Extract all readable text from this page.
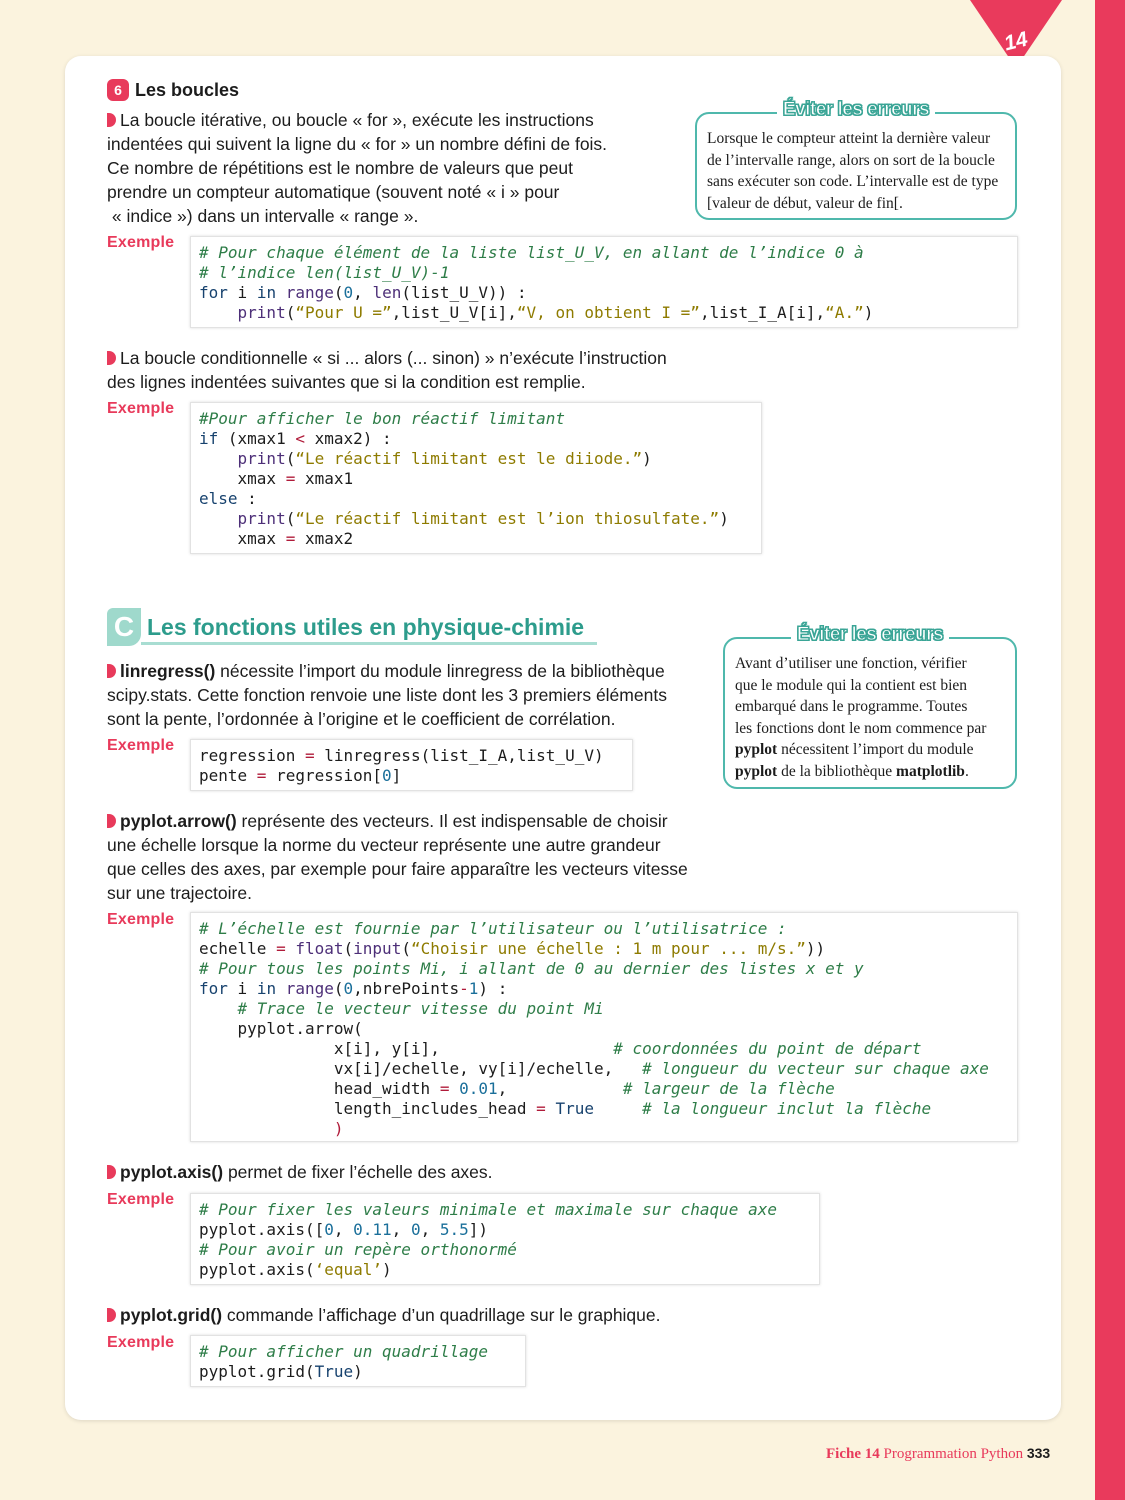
14
6 Les boucles
La boucle itérative, ou boucle « for », exécute les instructions
indentées qui suivent la ligne du « for » un nombre défini de fois.
Ce nombre de répétitions est le nombre de valeurs que peut
prendre un compteur automatique (souvent noté « i » pour
« indice ») dans un intervalle « range ».
Éviter les erreurs
Lorsque le compteur atteint la dernière valeur
de l’intervalle range, alors on sort de la boucle
sans exécuter son code. L’intervalle est de type
[valeur de début, valeur de fin[.
Exemple
# Pour chaque élément de la liste list_U_V, en allant de l’indice 0 à
# l’indice len(list_U_V)-1
for i in range(0, len(list_U_V)) :
print(“Pour U =”,list_U_V[i],“V, on obtient I =”,list_I_A[i],“A.”)
La boucle conditionnelle « si ... alors (... sinon) » n’exécute l’instruction
des lignes indentées suivantes que si la condition est remplie.
Exemple
#Pour afficher le bon réactif limitant
if (xmax1 < xmax2) :
print(“Le réactif limitant est le diiode.”)
xmax = xmax1
else :
print(“Le réactif limitant est l’ion thiosulfate.”)
xmax = xmax2
C Les fonctions utiles en physique-chimie
linregress() nécessite l’import du module linregress de la bibliothèque
scipy.stats. Cette fonction renvoie une liste dont les 3 premiers éléments
sont la pente, l’ordonnée à l’origine et le coefficient de corrélation.
Éviter les erreurs
Avant d’utiliser une fonction, vérifier
que le module qui la contient est bien
embarqué dans le programme. Toutes
les fonctions dont le nom commence par
pyplot nécessitent l’import du module
pyplot de la bibliothèque matplotlib.
Exemple
regression = linregress(list_I_A,list_U_V)
pente = regression[0]
pyplot.arrow() représente des vecteurs. Il est indispensable de choisir
une échelle lorsque la norme du vecteur représente une autre grandeur
que celles des axes, par exemple pour faire apparaître les vecteurs vitesse
sur une trajectoire.
Exemple # L’échelle est fournie par l’utilisateur ou l’utilisatrice :
echelle = float(input(“Choisir une échelle : 1 m pour ... m/s.”))
# Pour tous les points Mi, i allant de 0 au dernier des listes x et y
for i in range(0,nbrePoints-1) :
# Trace le vecteur vitesse du point Mi
pyplot.arrow(
x[i], y[i],	# coordonnées du point de départ
vx[i]/echelle, vy[i]/echelle,   # longueur du vecteur sur chaque axe
head_width = 0.01,            # largeur de la flèche
length_includes_head = True	# la longueur inclut la flèche
)
pyplot.axis() permet de fixer l’échelle des axes.
Exemple
# Pour fixer les valeurs minimale et maximale sur chaque axe
pyplot.axis([0, 0.11, 0, 5.5])
# Pour avoir un repère orthonormé
pyplot.axis(‘equal’)
pyplot.grid() commande l’affichage d’un quadrillage sur le graphique.
Exemple # Pour afficher un quadrillage
pyplot.grid(True)
Fiche 14 Programmation Python 333
